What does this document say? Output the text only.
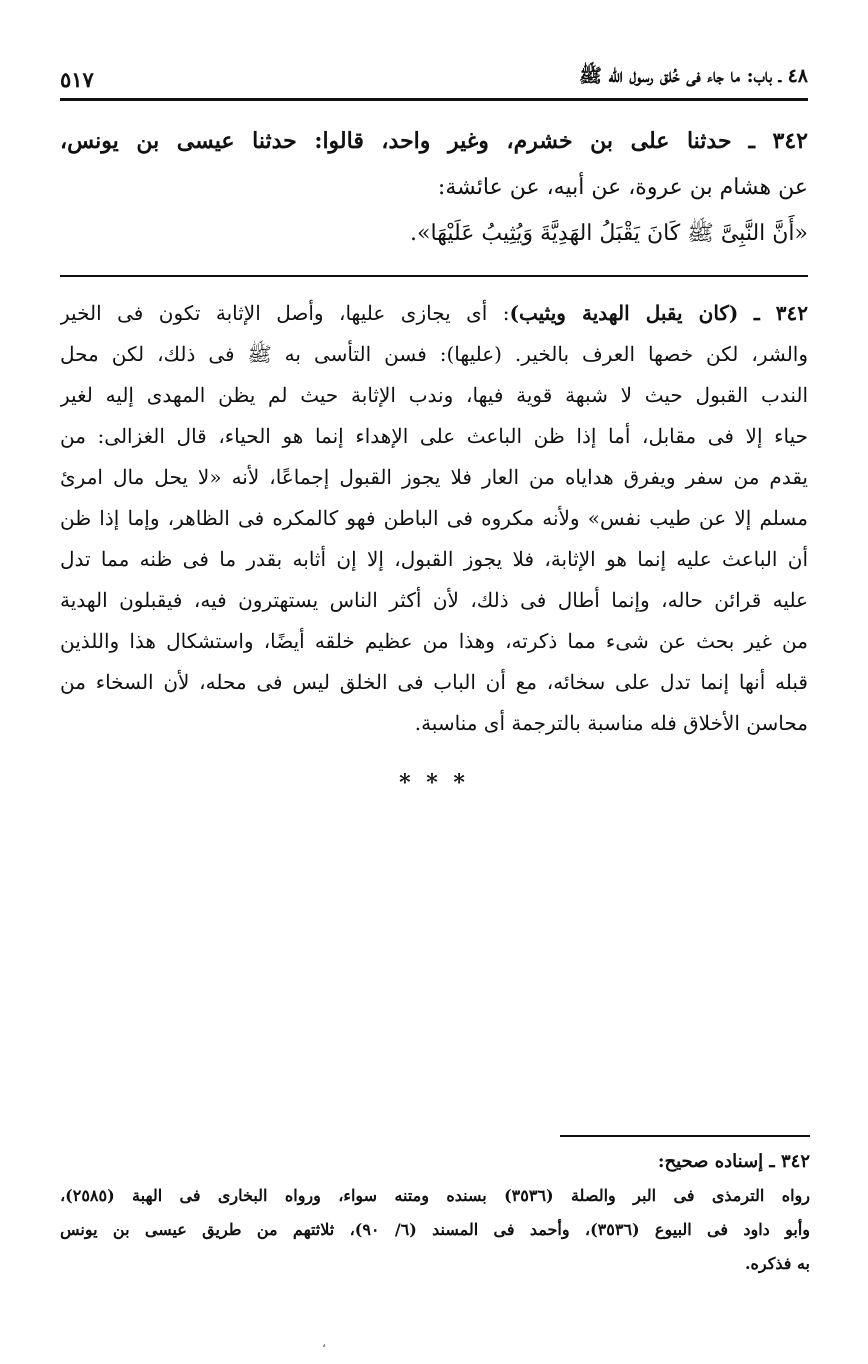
٤٨ ـ باب: ما جاء فى خُلق رسول الله ﷺ
٥١٧
٣٤٢ ـ حدثنا على بن خشرم، وغير واحد، قالوا: حدثنا عيسى بن يونس،
عن هشام بن عروة، عن أبيه، عن عائشة:
«أَنَّ النَّبِىَّ ﷺ كَانَ يَقْبَلُ الهَدِيَّةَ وَيُثِيبُ عَلَيْهَا».
٣٤٢ ـ (كان يقبل الهدية ويثيب): أى يجازى عليها، وأصل الإثابة تكون فى الخير
والشر، لكن خصها العرف بالخير. (عليها): فسن التأسى به ﷺ فى ذلك، لكن محل
الندب القبول حيث لا شبهة قوية فيها، وندب الإثابة حيث لم يظن المهدى إليه لغير
حياء إلا فى مقابل، أما إذا ظن الباعث على الإهداء إنما هو الحياء، قال الغزالى: من
يقدم من سفر ويفرق هداياه من العار فلا يجوز القبول إجماعًا، لأنه «لا يحل مال امرئ
مسلم إلا عن طيب نفس» ولأنه مكروه فى الباطن فهو كالمكره فى الظاهر، وإما إذا ظن
أن الباعث عليه إنما هو الإثابة، فلا يجوز القبول، إلا إن أثابه بقدر ما فى ظنه مما تدل
عليه قرائن حاله، وإنما أطال فى ذلك، لأن أكثر الناس يستهترون فيه، فيقبلون الهدية
من غير بحث عن شىء مما ذكرته، وهذا من عظيم خلقه أيضًا، واستشكال هذا واللذين
قبله أنها إنما تدل على سخائه، مع أن الباب فى الخلق ليس فى محله، لأن السخاء من
محاسن الأخلاق فله مناسبة بالترجمة أى مناسبة.
* * *
٣٤٢ ـ إسناده صحيح:
رواه الترمذى فى البر والصلة (٣٥٣٦) بسنده ومتنه سواء، ورواه البخارى فى الهبة (٢٥٨٥)،
وأبو داود فى البيوع (٣٥٣٦)، وأحمد فى المسند (٦/ ٩٠)، ثلاثتهم من طريق عيسى بن يونس
به فذكره.
،
